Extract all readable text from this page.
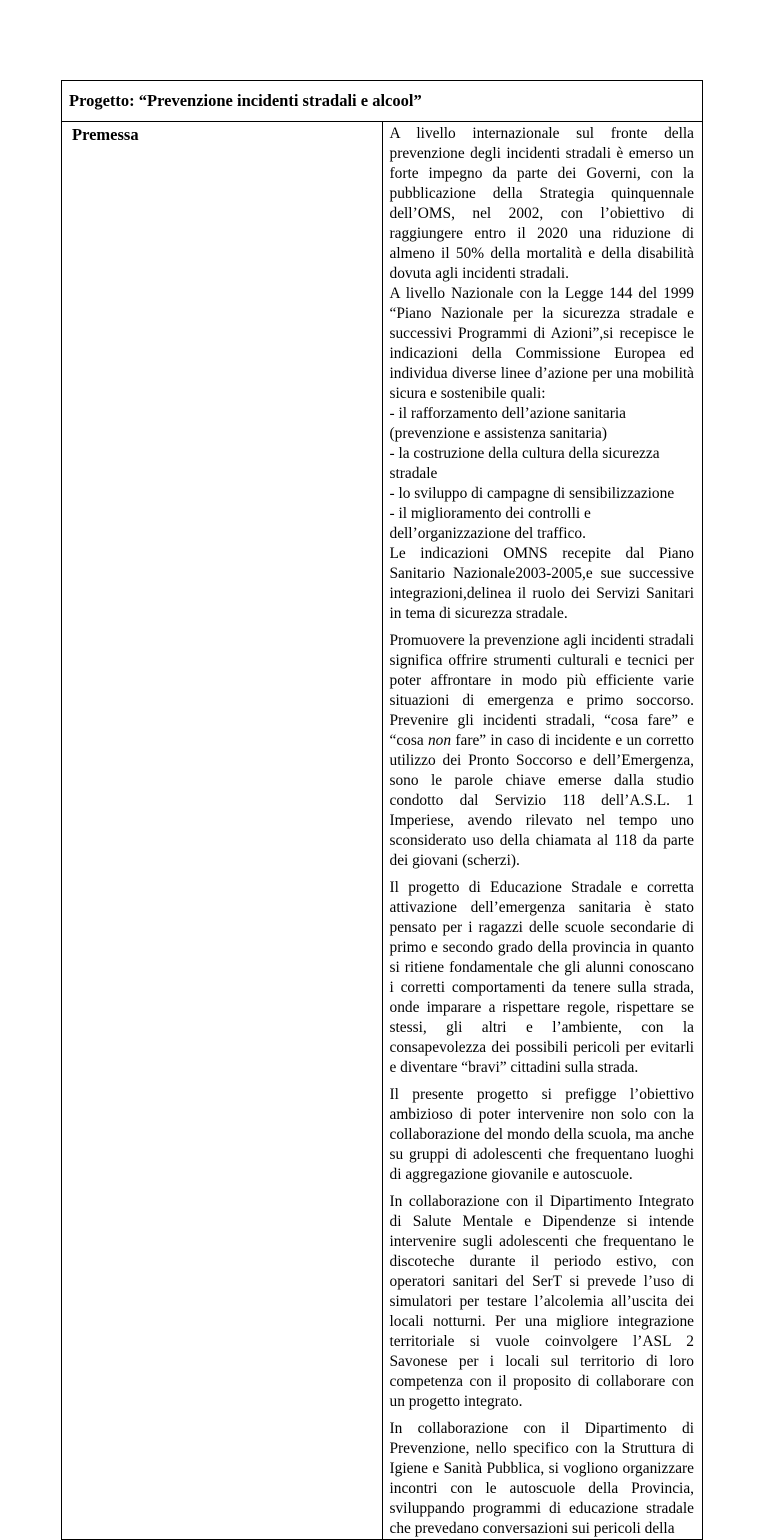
Progetto: “Prevenzione incidenti stradali e alcool”
Premessa	A livello internazionale sul fronte della prevenzione degli incidenti stradali è emerso un forte impegno da parte dei Governi, con la pubblicazione della Strategia quinquennale dell’OMS, nel 2002, con l’obiettivo di raggiungere entro il 2020 una riduzione di almeno il 50% della mortalità e della disabilità dovuta agli incidenti stradali.
A livello Nazionale con la Legge 144 del 1999 “Piano Nazionale per la sicurezza stradale e successivi Programmi di Azioni”,si recepisce le indicazioni della Commissione Europea ed individua diverse linee d’azione per una mobilità sicura e sostenibile quali:
- il rafforzamento dell’azione sanitaria (prevenzione e assistenza sanitaria)
- la costruzione della cultura della sicurezza stradale
- lo sviluppo di campagne di sensibilizzazione
- il miglioramento dei controlli e dell’organizzazione del traffico.
Le indicazioni OMNS recepite dal Piano Sanitario Nazionale2003-2005,e sue successive integrazioni,delinea il ruolo dei Servizi Sanitari in tema di sicurezza stradale.

Promuovere la prevenzione agli incidenti stradali significa offrire strumenti culturali e tecnici per poter affrontare in modo più efficiente varie situazioni di emergenza e primo soccorso. Prevenire gli incidenti stradali, “cosa fare” e “cosa non fare” in caso di incidente e un corretto utilizzo dei Pronto Soccorso e dell’Emergenza, sono le parole chiave emerse dalla studio condotto dal Servizio 118 dell’A.S.L. 1 Imperiese, avendo rilevato nel tempo uno sconsiderato uso della chiamata al 118 da parte dei giovani (scherzi).

Il progetto di Educazione Stradale e corretta attivazione dell’emergenza sanitaria è stato pensato per i ragazzi delle scuole secondarie di primo e secondo grado della provincia in quanto si ritiene fondamentale che gli alunni conoscano i corretti comportamenti da tenere sulla strada, onde imparare a rispettare regole, rispettare se stessi, gli altri e l’ambiente, con la consapevolezza dei possibili pericoli per evitarli e diventare “bravi” cittadini sulla strada.

Il presente progetto si prefigge l’obiettivo ambizioso di poter intervenire non solo con la collaborazione del mondo della scuola, ma anche su gruppi di adolescenti che frequentano luoghi di aggregazione giovanile e autoscuole.

In collaborazione con il Dipartimento Integrato di Salute Mentale e Dipendenze si intende intervenire sugli adolescenti che frequentano le discoteche durante il periodo estivo, con operatori sanitari del SerT si prevede l’uso di simulatori per testare l’alcolemia all’uscita dei locali notturni. Per una migliore integrazione territoriale si vuole coinvolgere l’ASL 2 Savonese per i locali sul territorio di loro competenza con il proposito di collaborare con un progetto integrato.

In collaborazione con il Dipartimento di Prevenzione, nello specifico con la Struttura di Igiene e Sanità Pubblica, si vogliono organizzare incontri con le autoscuole della Provincia, sviluppando programmi di educazione stradale che prevedano conversazioni sui pericoli della
